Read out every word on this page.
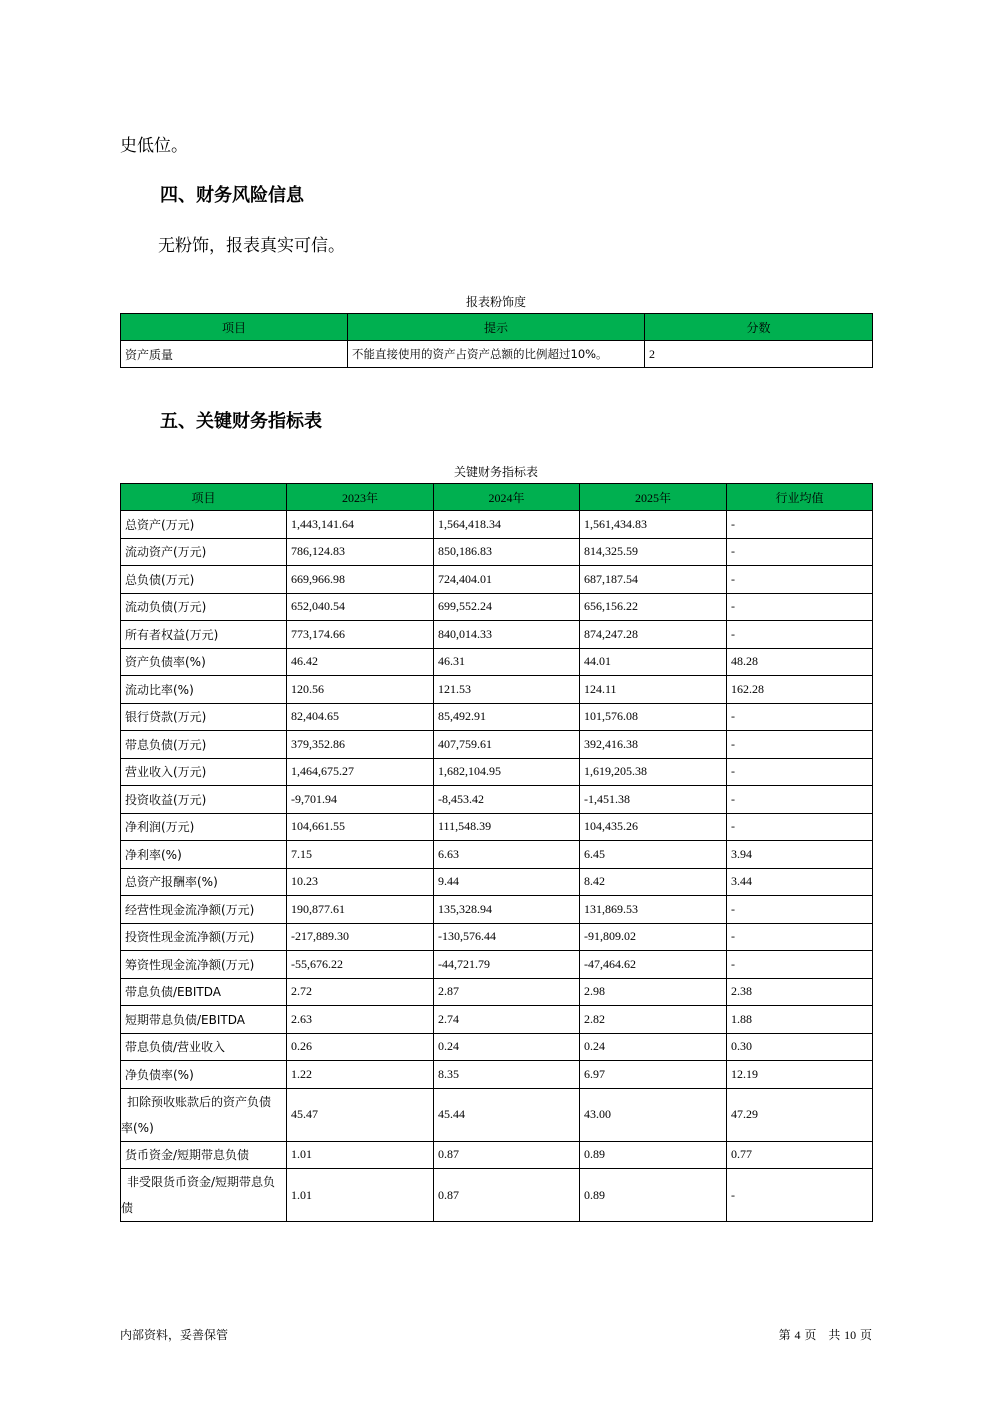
史低位。
四、财务风险信息
无粉饰，报表真实可信。
报表粉饰度
项目	提示	分数
资产质量	不能直接使用的资产占资产总额的比例超过10%。	2
五、关键财务指标表
关键财务指标表
项目	2023年	2024年	2025年	行业均值
总资产(万元)	1,443,141.64	1,564,418.34	1,561,434.83	-
流动资产(万元)	786,124.83	850,186.83	814,325.59	-
总负债(万元)	669,966.98	724,404.01	687,187.54	-
流动负债(万元)	652,040.54	699,552.24	656,156.22	-
所有者权益(万元)	773,174.66	840,014.33	874,247.28	-
资产负债率(%)	46.42	46.31	44.01	48.28
流动比率(%)	120.56	121.53	124.11	162.28
银行贷款(万元)	82,404.65	85,492.91	101,576.08	-
带息负债(万元)	379,352.86	407,759.61	392,416.38	-
营业收入(万元)	1,464,675.27	1,682,104.95	1,619,205.38	-
投资收益(万元)	-9,701.94	-8,453.42	-1,451.38	-
净利润(万元)	104,661.55	111,548.39	104,435.26	-
净利率(%)	7.15	6.63	6.45	3.94
总资产报酬率(%)	10.23	9.44	8.42	3.44
经营性现金流净额(万元)	190,877.61	135,328.94	131,869.53	-
投资性现金流净额(万元)	-217,889.30	-130,576.44	-91,809.02	-
筹资性现金流净额(万元)	-55,676.22	-44,721.79	-47,464.62	-
带息负债/EBITDA	2.72	2.87	2.98	2.38
短期带息负债/EBITDA	2.63	2.74	2.82	1.88
带息负债/营业收入	0.26	0.24	0.24	0.30
净负债率(%)	1.22	8.35	6.97	12.19
扣除预收账款后的资产负债率(%)	45.47	45.44	43.00	47.29
货币资金/短期带息负债	1.01	0.87	0.89	0.77
非受限货币资金/短期带息负债	1.01	0.87	0.89	-
内部资料，妥善保管	第 4 页　共 10 页
